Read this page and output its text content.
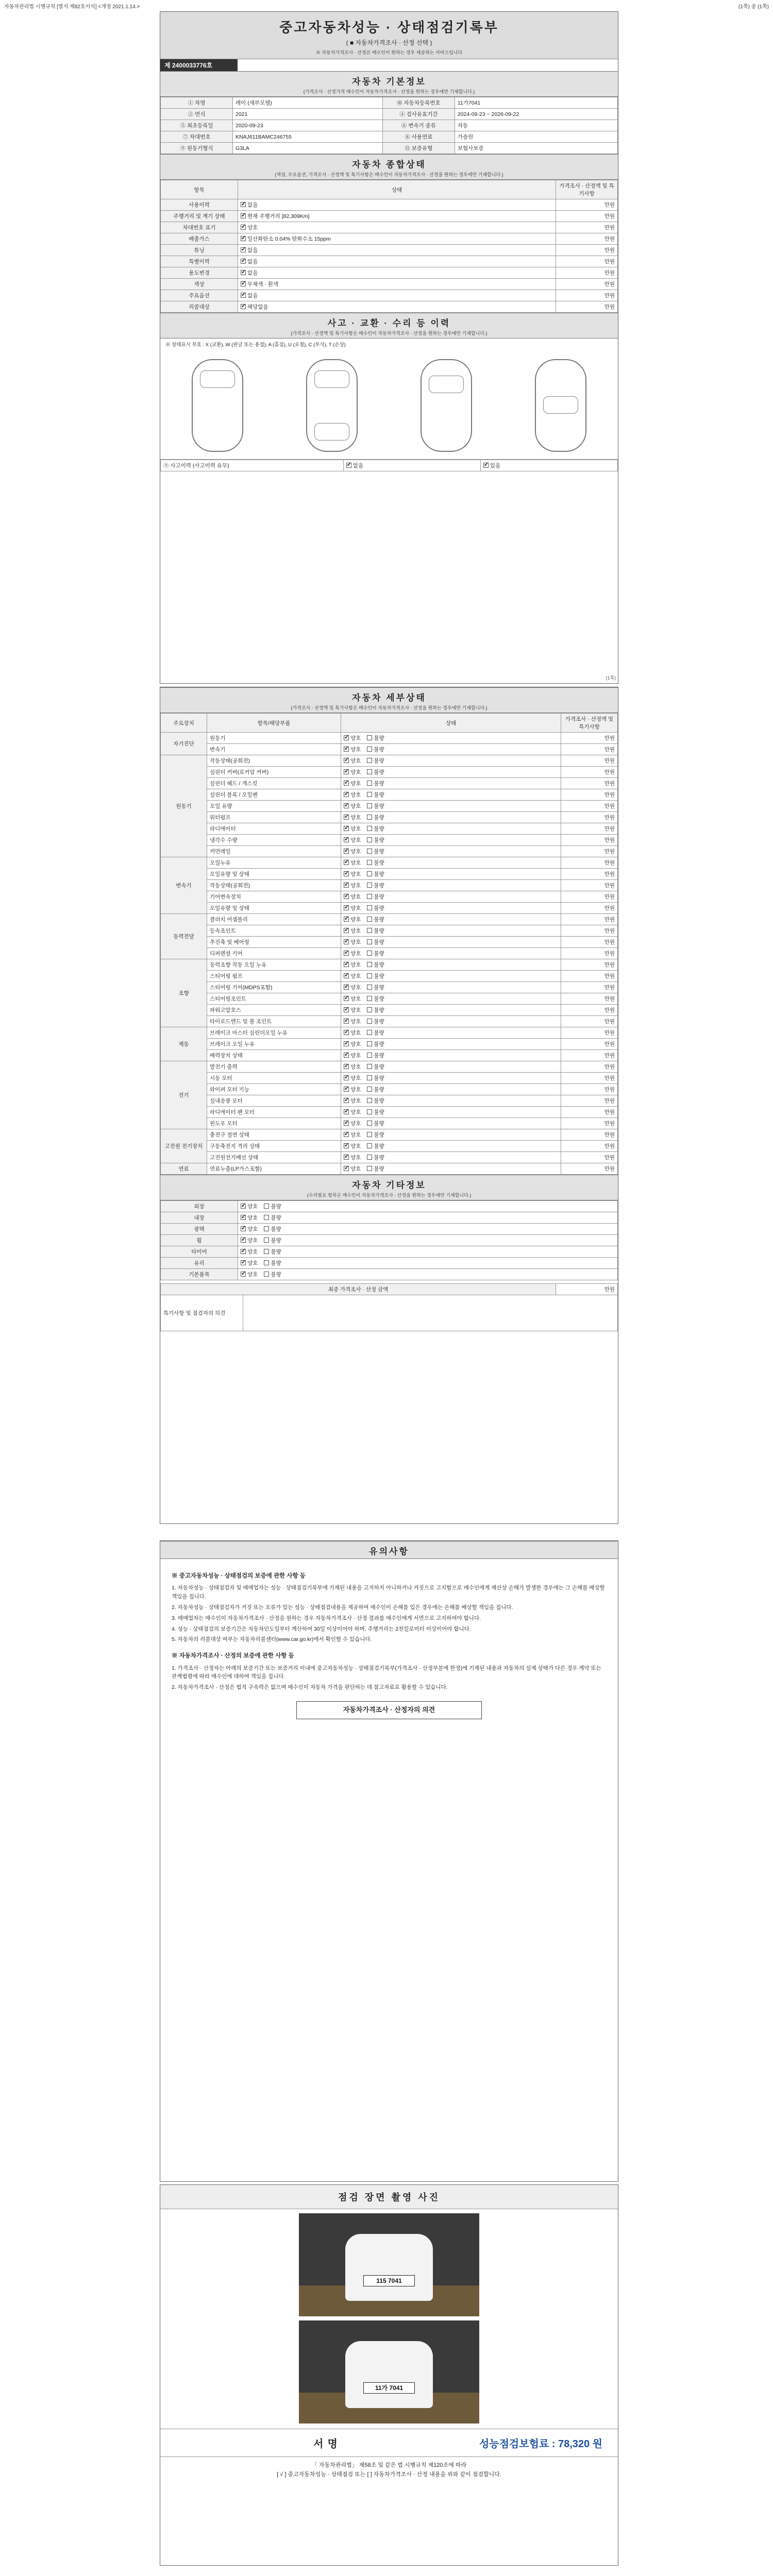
자동차관리법 시행규칙 [별지 제82호서식] <개정 2021.1.14.>	(1쪽) 중 (1쪽)
중고자동차성능 · 상태점검기록부
( ■ 자동차가격조사 · 산정 선택 )
※ 자동차가격조사 · 산정은 매수인이 원하는 경우 제공하는 서비스입니다
제 2400033776호
자동차 기본정보
(가격조사 · 산정가격 매수인이 자동차가격조사 · 산정을 원하는 경우에만 기재합니다.)
① 차명	레이 (새부모델)	⑩ 자동차등록번호	11가7041
② 연식	2021	④ 검사유효기간	2024-09-23 ~ 2026-09-22
⑤ 최초등록일	2020-09-23	⑥ 변속기 종류	자동
⑦ 차대번호	KNAJ611BAMC246755	⑧ 사용연료	가솔린
⑨ 원동기형식	G3LA	⑪ 보증유형	보험사보증
자동차 종합상태
(색상, 주요옵션, 가격조사 · 산정액 및 특기사항은 매수인이 자동차가격조사 · 산정을 원하는 경우에만 기재합니다.)
항목	상태	가격조사 · 산정액 및 특기사항
사용이력	✓없음	만원
주행거리 및 계기 상태	✓현재 주행거리 [82,309Km]	만원
차대번호 표기	✓양호	만원
배출가스	✓일산화탄소 0.04% 탄화수소 15ppm	만원
튜닝	✓없음	만원
특별이력	✓없음	만원
용도변경	✓없음	만원
색상	✓무채색 · 흰색	만원
주요옵션	✓없음	만원
리콜대상	✓해당없음	만원
사고 · 교환 · 수리 등 이력
(가격조사 · 산정액 및 특기사항은 매수인이 자동차가격조사 · 산정을 원하는 경우에만 기재합니다.)
※ 상태표시 부호 : X (교환), W (판금 또는 용접), A (흠집), U (요철), C (부식), T (손상)
⑨ 사고이력 (사고이력 유무)	✓없음	✓있음
(1쪽)
자동차 세부상태
(가격조사 · 산정액 및 특기사항은 매수인이 자동차가격조사 · 산정을 원하는 경우에만 기재합니다.)
주요장치	항목/해당부품	상태	가격조사 · 산정액 및 특기사항
자기진단	원동기	✓양호 불량	만원
	변속기	✓양호 불량	만원
원동기	작동상태(공회전)	✓양호 불량	만원
	실린더 커버(로커암 커버)	✓양호 불량	만원
	실린더 헤드 / 개스킷	✓양호 불량	만원
	실린더 블록 / 오일팬	✓양호 불량	만원
	오일 유량	✓양호 불량	만원
	워터펌프	✓양호 불량	만원
	라디에이터	✓양호 불량	만원
	냉각수 수량	✓양호 불량	만원
	커먼레일	✓양호 불량	만원
변속기	오일누유	✓양호 불량	만원
	오일유량 및 상태	✓양호 불량	만원
	작동상태(공회전)	✓양호 불량	만원
	기어변속장치	✓양호 불량	만원
	오일유량 및 상태	✓양호 불량	만원
동력전달	클러치 어셈블리	✓양호 불량	만원
	등속조인트	✓양호 불량	만원
	추진축 및 베어링	✓양호 불량	만원
	디퍼렌셜 기어	✓양호 불량	만원
조향	동력조향 작동 오일 누유	✓양호 불량	만원
	스티어링 펌프	✓양호 불량	만원
	스티어링 기어(MDPS포함)	✓양호 불량	만원
	스티어링조인트	✓양호 불량	만원
	파워고압호스	✓양호 불량	만원
	타이로드엔드 및 볼 조인트	✓양호 불량	만원
제동	브레이크 마스터 실린더오일 누유	✓양호 불량	만원
	브레이크 오일 누유	✓양호 불량	만원
	배력장치 상태	✓양호 불량	만원
전기	발전기 출력	✓양호 불량	만원
	시동 모터	✓양호 불량	만원
	와이퍼 모터 기능	✓양호 불량	만원
	실내송풍 모터	✓양호 불량	만원
	라디에이터 팬 모터	✓양호 불량	만원
	윈도우 모터	✓양호 불량	만원
고전원 전기장치	충전구 절연 상태	✓양호 불량	만원
	구동축전지 격리 상태	✓양호 불량	만원
	고전원전기배선 상태	✓양호 불량	만원
연료	연료누출(LP가스포함)	✓양호 불량	만원
자동차 기타정보
(수리필요 항목은 매수인이 자동차가격조사 · 산정을 원하는 경우에만 기재합니다.)
외장	✓양호 불량
내장	✓양호 불량
광택	✓양호 불량
휠	✓양호 불량
타이어	✓양호 불량
유리	✓양호 불량
기본품목	✓양호 불량
최종 가격조사 · 산정 금액		만원
특기사항 및 점검자의 의견		
유의사항
※ 중고자동차성능 · 상태점검의 보증에 관한 사항 등

1. 자동차성능 · 상태점검자 및 매매업자는 성능 · 상태점검기록부에 기재된 내용을 고지하지 아니하거나 거짓으로 고지함으로 매수인에게 재산상 손해가 발생한 경우에는 그 손해를 배상할 책임을 집니다.

2. 자동차성능 · 상태점검자가 거짓 또는 오류가 있는 성능 · 상태점검내용을 제공하여 매수인이 손해를 입은 경우에는 손해를 배상할 책임을 집니다.

3. 매매업자는 매수인이 자동차가격조사 · 산정을 원하는 경우 자동차가격조사 · 산정 결과를 매수인에게 서면으로 고지하여야 합니다.

4. 성능 · 상태점검의 보증기간은 자동차인도일부터 계산하여 30일 이상이어야 하며, 주행거리는 2천킬로미터 이상이어야 합니다.

5. 자동차의 리콜대상 여부는 자동차리콜센터(www.car.go.kr)에서 확인할 수 있습니다.

※ 자동차가격조사 · 산정의 보증에 관한 사항 등

1. 가격조사 · 산정자는 아래의 보증기간 또는 보증거리 이내에 중고자동차성능 · 상태점검기록부(가격조사 · 산정부분에 한정)에 기재된 내용과 자동차의 실제 상태가 다른 경우 계약 또는 관계법령에 따라 매수인에 대하여 책임을 집니다.

2. 자동차가격조사 · 산정은 법적 구속력은 없으며 매수인이 자동차 가격을 판단하는 데 참고자료로 활용할 수 있습니다.

자동차가격조사 · 산정자의 의견
점검 장면 촬영 사진
115 7041
11가 7041
서명	성능점검보험료 : 78,320 원
「 자동차관리법」 제58조 및 같은 법 시행규칙 제120조에 따라
[ √ ] 중고자동차성능 · 상태점검 또는 [ ] 자동차가격조사 · 산정 내용을 위와 같이 점검합니다.
